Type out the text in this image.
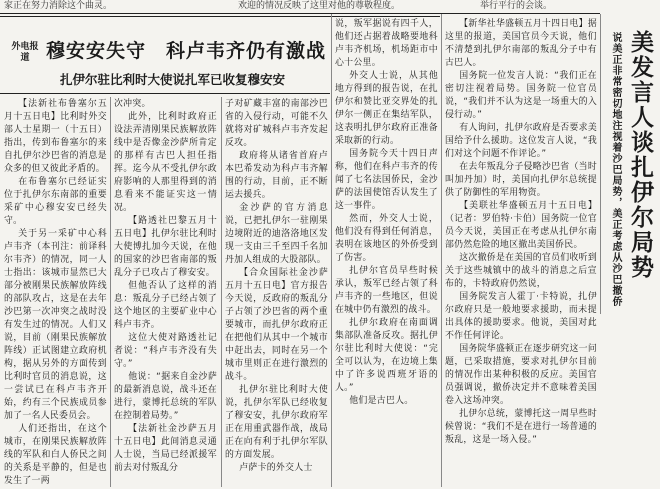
家正在努力消除这个曲灵。	欢迎的情况反映了这里对他的尊敬程度。	举行平行的会谈。
外电报道 穆安安失守　科卢韦齐仍有激战
扎伊尔驻比利时大使说扎军已收复穆安安

【法新社布鲁塞尔五月十五日电】比利时外交部人士星期一（十五日）指出，传到布鲁塞尔的来自扎伊尔沙巴省的消息是众多的但又彼此矛盾的。

在布鲁塞尔已经证实位于扎伊尔东南部的重要采矿中心穆安安已经失守。

关于另一采矿中心科卢韦齐（本刊注：前译科尔韦齐）的情况，同一人士指出：该城市显然已大部分被刚果民族解放阵线的部队攻占，这是在去年沙巴第一次冲突之战时没有发生过的情况。人们又说，目前（刚果民族解放阵线）正试图建立政府机构，据从另外的方面传到比利时官员的消息说，这一尝试已在科卢韦齐开始，约有三个民族成员参加了一名人民委员会。

人们还指出，在这个城市，在刚果民族解放阵线的军队和白人侨民之间的关系是平静的，但是也发生了一两

次冲突。

此外，比利时政府正设法弄清刚果民族解放阵线中是否像金沙萨所肯定的那样有古巴人担任指挥。迄今从不受扎伊尔政府影响的人那里得到的消息看来不能证实这一情况。

【路透社巴黎五月十五日电】扎伊尔驻比利时大使博扎加今天说，在他的国家的沙巴省南部的叛乱分子已攻占了穆安安。

但他否认了这样的消息：叛乱分子已经占领了这个地区的主要矿业中心科卢韦齐。

这位大使对路透社记者说：“科卢韦齐没有失守。”

他说：“据来自金沙萨的最新消息说，战斗还在进行，蒙博托总统的军队在控制着局势。”

【法新社金沙萨五月十五日电】此间消息灵通人士说，当局已经派援军前去对付叛乱分

子对矿藏丰富的南部沙巴省的入侵行动，可能不久就将对矿城科卢韦齐发起反攻。

政府将从诸省首府卢本巴希发动为科卢韦齐解围的行动，目前，正不断运去援兵。

金沙萨的官方消息说，已把扎伊尔一驻刚果边境附近的迪洛洛地区发现一支由三千至四千名加丹加人组成的大股部队。

【合众国际社金沙萨五月十五日电】官方报告今天说，反政府的叛乱分子占领了沙巴省的两个重要城市，而扎伊尔政府正在把他们从其中一个城市中赶出去，同时在另一个城市里则正在进行激烈的战斗。

扎伊尔驻比利时大使说，扎伊尔军队已经收复了穆安安，扎伊尔政府军正在用重武器作战，战局正在向有利于扎伊尔军队的方面发展。

卢萨卡的外交人士

说，叛军据说有四千人，他们还占据着战略要地科卢韦齐机场，机场距市中心十公里。

外交人士说，从其他地方得到的报告说，在扎伊尔和赞比亚交界处的扎伊尔一侧正在集结军队，这表明扎伊尔政府正准备采取新的行动。

国务院今天十四日声称，他们在科卢韦齐的传闻了七名法国侨民，金沙萨的法国使馆否认发生了这一事件。

然而，外交人士说，他们没有得到任何消息，表明在该地区的外侨受到了伤害。

扎伊尔官员早些时候承认，叛军已经占领了科卢韦齐的一些地区，但说在城中仍有激烈的战斗。

扎伊尔政府在南面调集部队准备反攻。据扎伊尔驻比利时大使说：“完全可以认为，在边境上集中了许多说西班牙语的人。”

他们是古巴人。

【新华社华盛顿五月十四日电】据这里的报道，美国官员今天说，他们不清楚到扎伊尔南部的叛乱分子中有古巴人。

国务院一位发言人说：“我们正在密切注视着局势。国务院一位官员说，“我们并不认为这是一场重大的入侵行动。”

有人询问，扎伊尔政府是否要求美国给予什么援助。这位发言人说，“我们对这个问题不作评论。”

在去年叛乱分子侵略沙巴省（当时叫加丹加）时，美国向扎伊尔总统提供了防御性的军用物资。

【美联社华盛顿五月十五日电】（记者：罗伯特·卡伯）国务院一位官员今天说，美国正在考虑从扎伊尔南部仍然危险的地区撤出美国侨民。

这次撤侨是在美国的官员们收听到关于这些城镇中的战斗的消息之后宣布的，卡特政府仍然说，

国务院发言人霍丁·卡特说，扎伊尔政府只是一般地要求援助，而未提出具体的援助要求。他说，美国对此不作任何评论。

国务院华盛顿正在逐步研究这一问题，已采取措施，要求对扎伊尔目前的情况作出某种积极的反应。美国官员强调说，撤侨决定并不意味着美国卷入这场冲突。

扎伊尔总统，蒙博托这一周早些时候曾说：“我们不是在进行一场普通的叛乱，这是一场入侵。”

说美正非常密切地注视着沙巴局势，美正考虑从沙巴撤侨 美发言人谈扎伊尔局势
